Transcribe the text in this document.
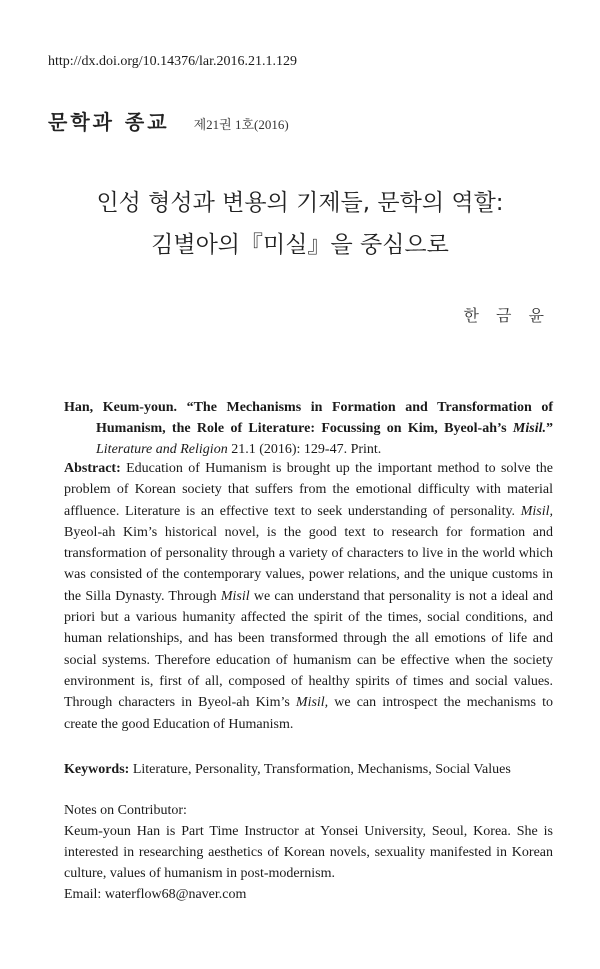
http://dx.doi.org/10.14376/lar.2016.21.1.129
문학과 종교 제21권 1호(2016)
인성 형성과 변용의 기제들, 문학의 역할:
김별아의『미실』을 중심으로
한 금 윤
Han, Keum-youn. “The Mechanisms in Formation and Transformation of Humanism, the Role of Literature: Focussing on Kim, Byeol-ah’s Misil.” Literature and Religion 21.1 (2016): 129-47. Print.
Abstract: Education of Humanism is brought up the important method to solve the problem of Korean society that suffers from the emotional difficulty with material affluence. Literature is an effective text to seek understanding of personality. Misil, Byeol-ah Kim’s historical novel, is the good text to research for formation and transformation of personality through a variety of characters to live in the world which was consisted of the contemporary values, power relations, and the unique customs in the Silla Dynasty. Through Misil we can understand that personality is not a ideal and priori but a various humanity affected the spirit of the times, social conditions, and human relationships, and has been transformed through the all emotions of life and social systems. Therefore education of humanism can be effective when the society environment is, first of all, composed of healthy spirits of times and social values. Through characters in Byeol-ah Kim’s Misil, we can introspect the mechanisms to create the good Education of Humanism.
Keywords: Literature, Personality, Transformation, Mechanisms, Social Values
Notes on Contributor:
Keum-youn Han is Part Time Instructor at Yonsei University, Seoul, Korea. She is interested in researching aesthetics of Korean novels, sexuality manifested in Korean culture, values of humanism in post-modernism.
Email: waterflow68@naver.com
